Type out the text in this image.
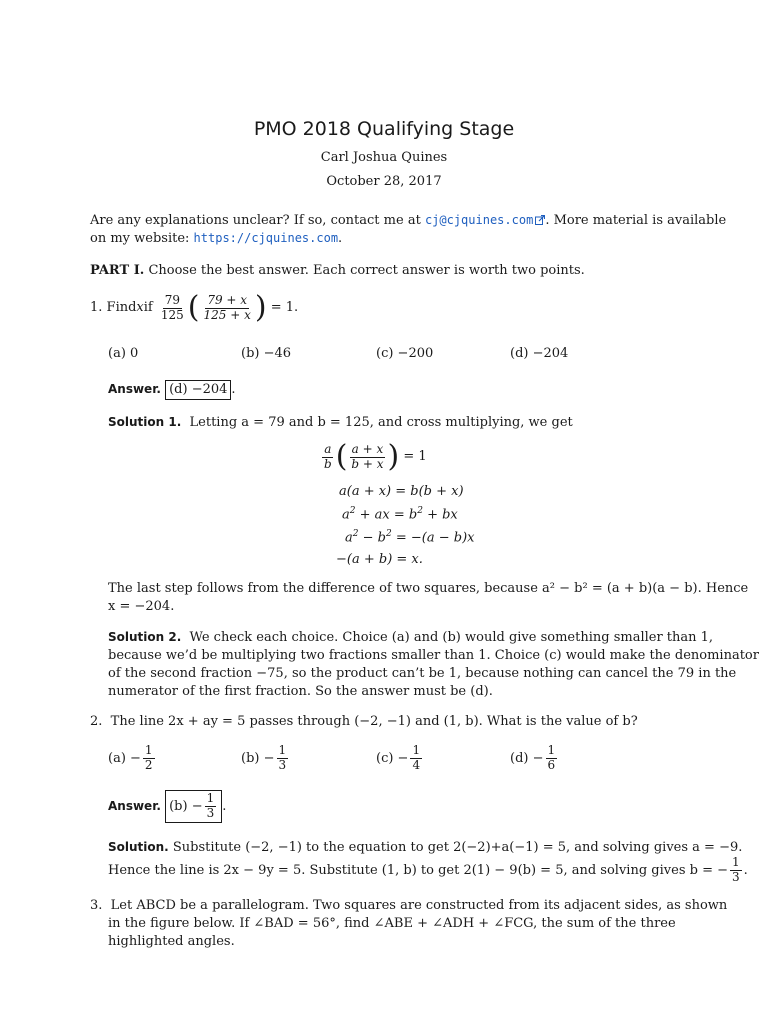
PMO 2018 Qualifying Stage
Carl Joshua Quines
October 28, 2017
Are any explanations unclear? If so, contact me at cj@cjquines.com . More material is available
on my website: https://cjquines.com.
PART I. Choose the best answer. Each correct answer is worth two points.
1.
Find x if
$\frac{79}{125}$ ( $\frac{79 + x}{125 + x}$ )
= 1.
(a) 0	(b) −46	(c) −200	(d) −204
Answer. (d) −204 .
Solution 1. Letting a = 79 and b = 125, and cross multiplying, we get
$\frac{a}{b}$ ( $\frac{a + x}{b + x}$ )
= 1
a(a + x) = b(b + x)
$a^2$ + ax = $b^2$ + bx
$a^2 - b^2 = -(a - b)x$
−(a + b) = x.
The last step follows from the difference of two squares, because a² − b² = (a + b)(a − b). Hence
x = −204.
Solution 2. We check each choice. Choice (a) and (b) would give something smaller than 1,
because we’d be multiplying two fractions smaller than 1. Choice (c) would make the denominator
of the second fraction −75, so the product can’t be 1, because nothing can cancel the 79 in the
numerator of the first fraction. So the answer must be (d).
2. The line 2x + ay = 5 passes through (−2, −1) and (1, b). What is the value of b?
$(a) - \frac{1}{2}$	$(b) - \frac{1}{3}$	$(c) - \frac{1}{4}$	$(d) - \frac{1}{6}$
Answer.
$(b) - \frac{1}{3}$ .
Solution. Substitute (−2, −1) to the equation to get 2(−2)+a(−1) = 5, and solving gives a = −9.
Hence the line is 2x − 9y = 5. Substitute (1, b) to get 2(1) − 9(b) = 5, and solving gives b = − $\frac{1}{3}$ .
3. Let ABCD be a parallelogram. Two squares are constructed from its adjacent sides, as shown
in the figure below. If ∠BAD = 56°, find ∠ABE + ∠ADH + ∠FCG, the sum of the three
highlighted angles.
